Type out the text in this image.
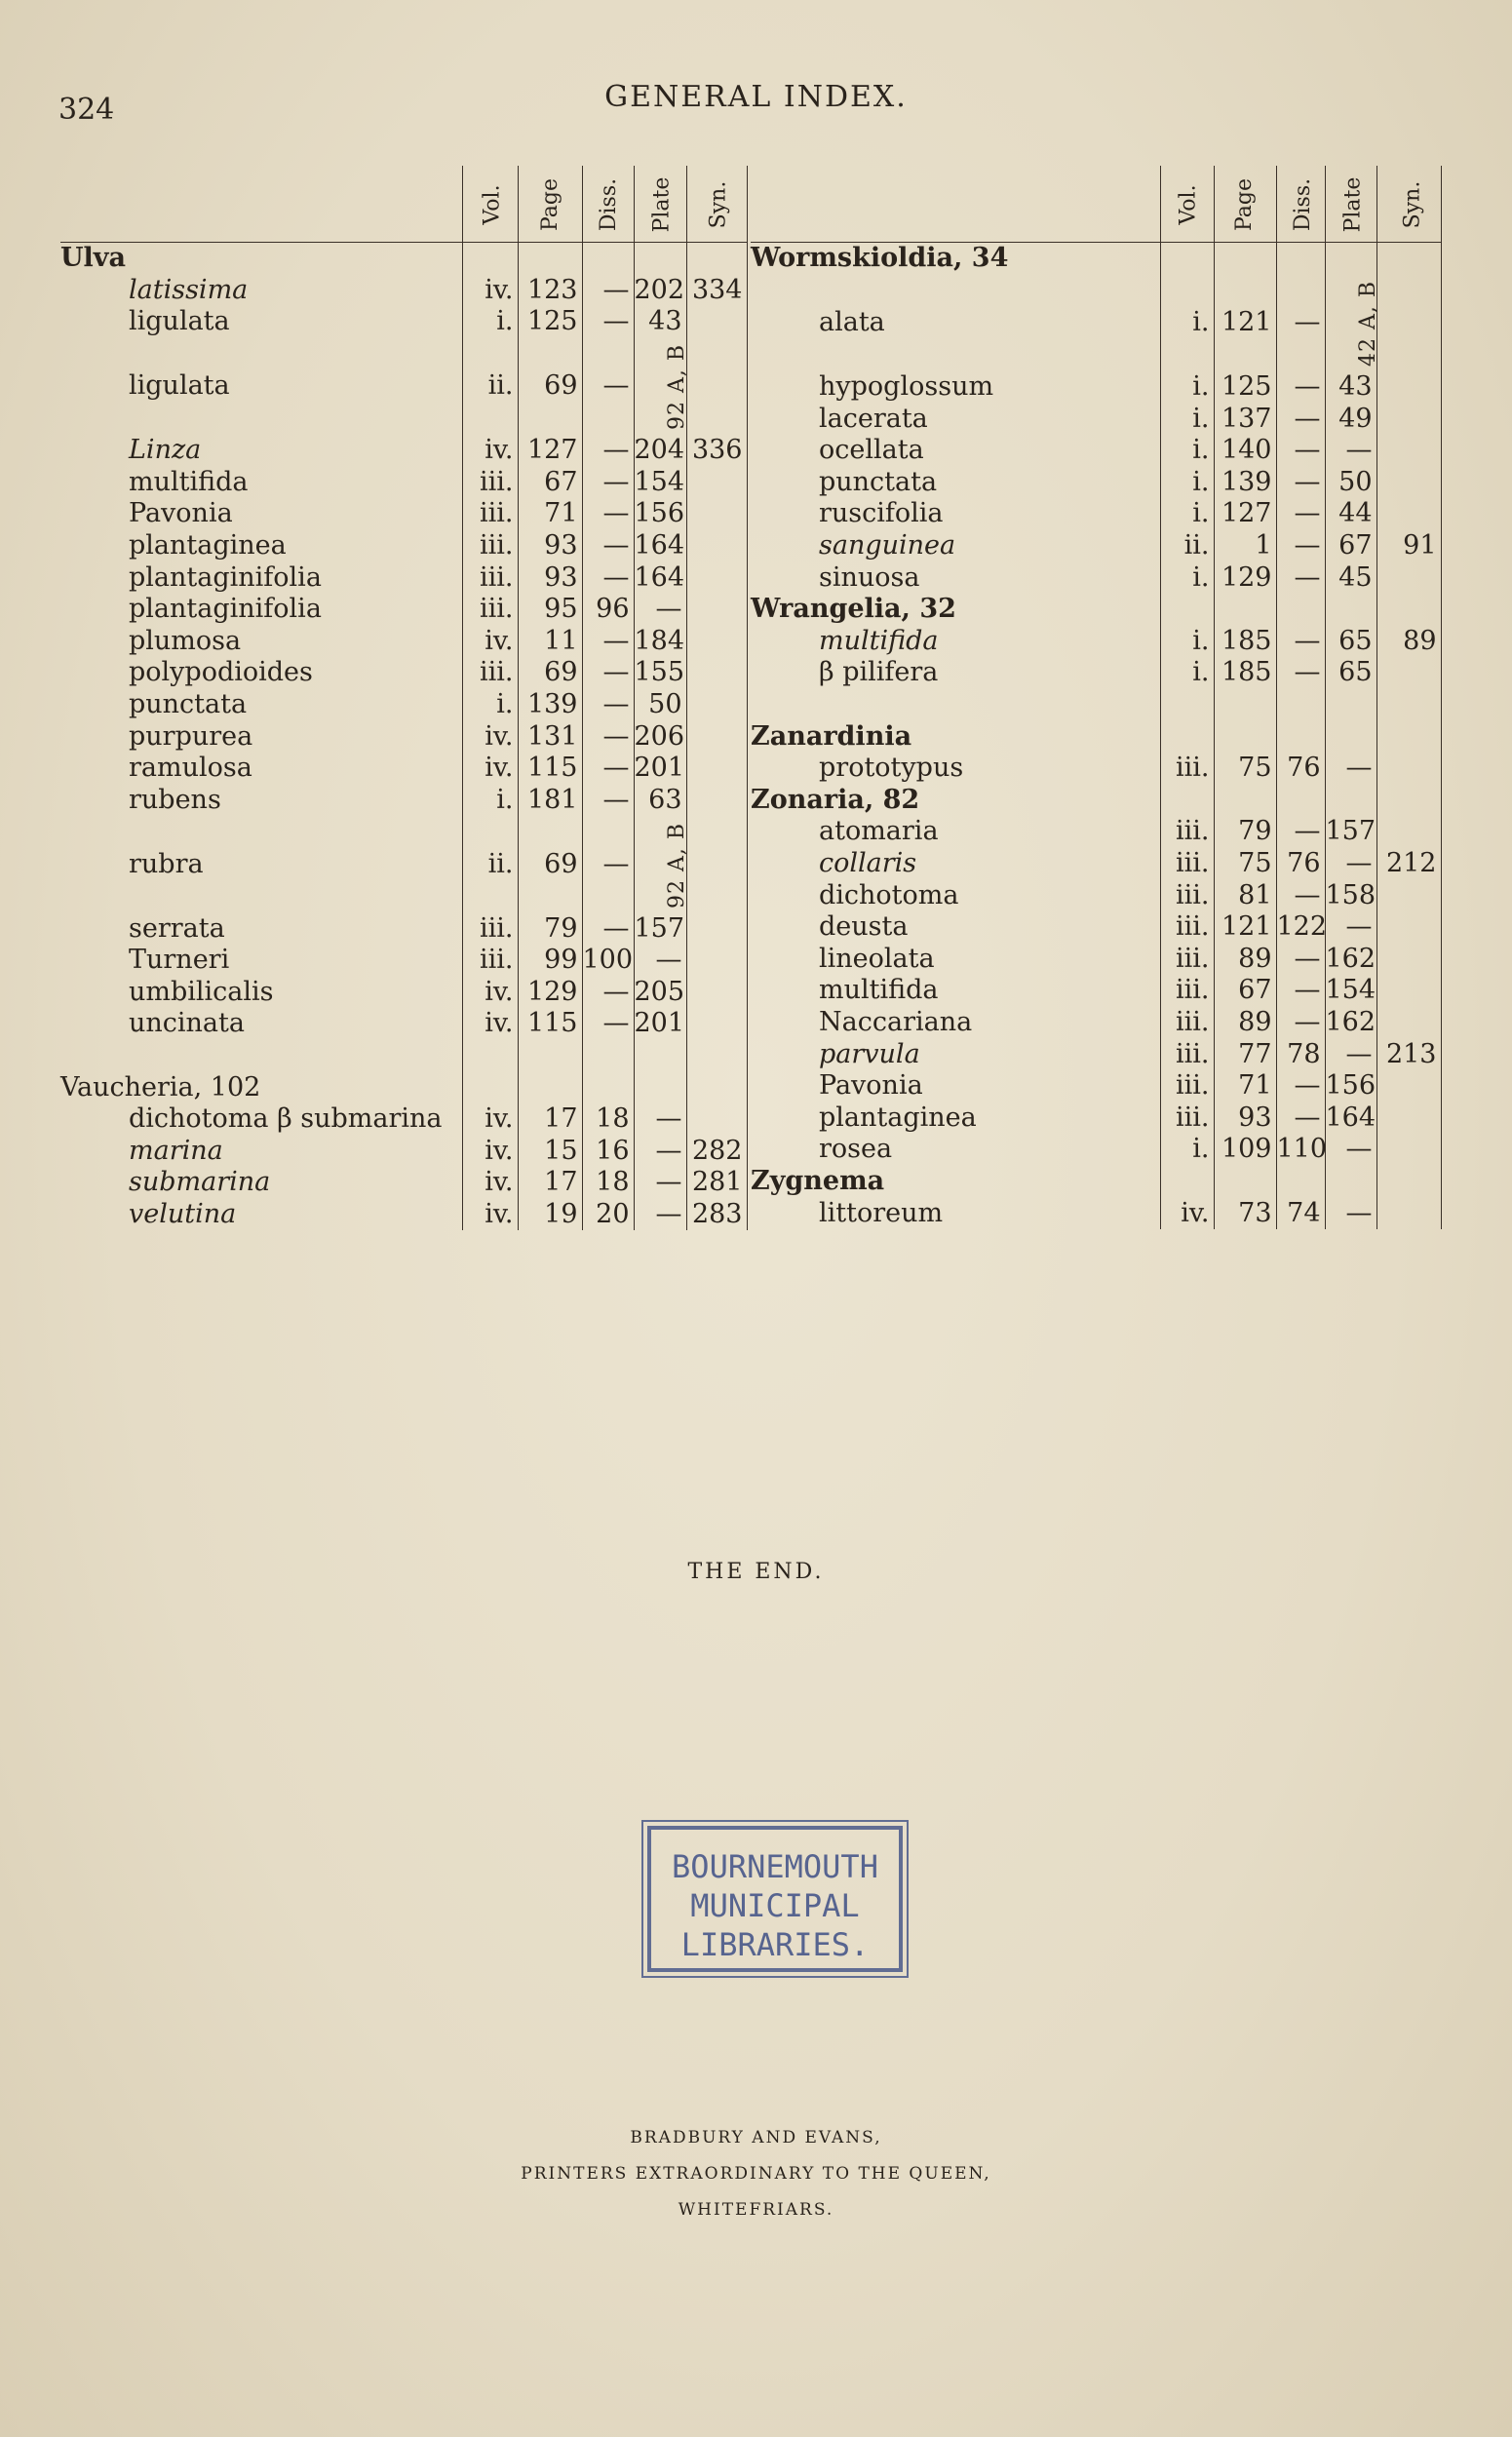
324	GENERAL INDEX.
	Vol.	Page	Diss.	Plate	Syn.
Ulva					
latissima	iv.	123	—	202	334
ligulata	i.	125	—	43	

ligulata	ii.	69	—	92 A, B	

Linza	iv.	127	—	204	336
multifida	iii.	67	—	154	
Pavonia	iii.	71	—	156	
plantaginea	iii.	93	—	164	
plantaginifolia	iii.	93	—	164	
plantaginifolia	iii.	95	96	—	
plumosa	iv.	11	—	184	
polypodioides	iii.	69	—	155	
punctata	i.	139	—	50	
purpurea	iv.	131	—	206	
ramulosa	iv.	115	—	201	
rubens	i.	181	—	63	

rubra	ii.	69	—	92 A, B	

serrata	iii.	79	—	157	
Turneri	iii.	99	100	—	
umbilicalis	iv.	129	—	205	
uncinata	iv.	115	—	201	

Vaucheria, 102					
dichotoma β submarina	iv.	17	18	—	
marina	iv.	15	16	—	282
submarina	iv.	17	18	—	281
velutina	iv.	19	20	—	283
	Vol.	Page	Diss.	Plate	Syn.
Wormskioldia, 34					

alata	i.	121	—	42 A, B	

hypoglossum	i.	125	—	43	
lacerata	i.	137	—	49	
ocellata	i.	140	—	—	
punctata	i.	139	—	50	
ruscifolia	i.	127	—	44	
sanguinea	ii.	1	—	67	91
sinuosa	i.	129	—	45	
Wrangelia, 32					
multifida	i.	185	—	65	89
β pilifera	i.	185	—	65	

Zanardinia					
prototypus	iii.	75	76	—	
Zonaria, 82					
atomaria	iii.	79	—	157	
collaris	iii.	75	76	—	212
dichotoma	iii.	81	—	158	
deusta	iii.	121	122	—	
lineolata	iii.	89	—	162	
multifida	iii.	67	—	154	
Naccariana	iii.	89	—	162	
parvula	iii.	77	78	—	213
Pavonia	iii.	71	—	156	
plantaginea	iii.	93	—	164	
rosea	i.	109	110	—	
Zygnema					
littoreum	iv.	73	74	—	
THE END.
BOURNEMOUTH
MUNICIPAL
LIBRARIES.
BRADBURY AND EVANS,
PRINTERS EXTRAORDINARY TO THE QUEEN,
WHITEFRIARS.
